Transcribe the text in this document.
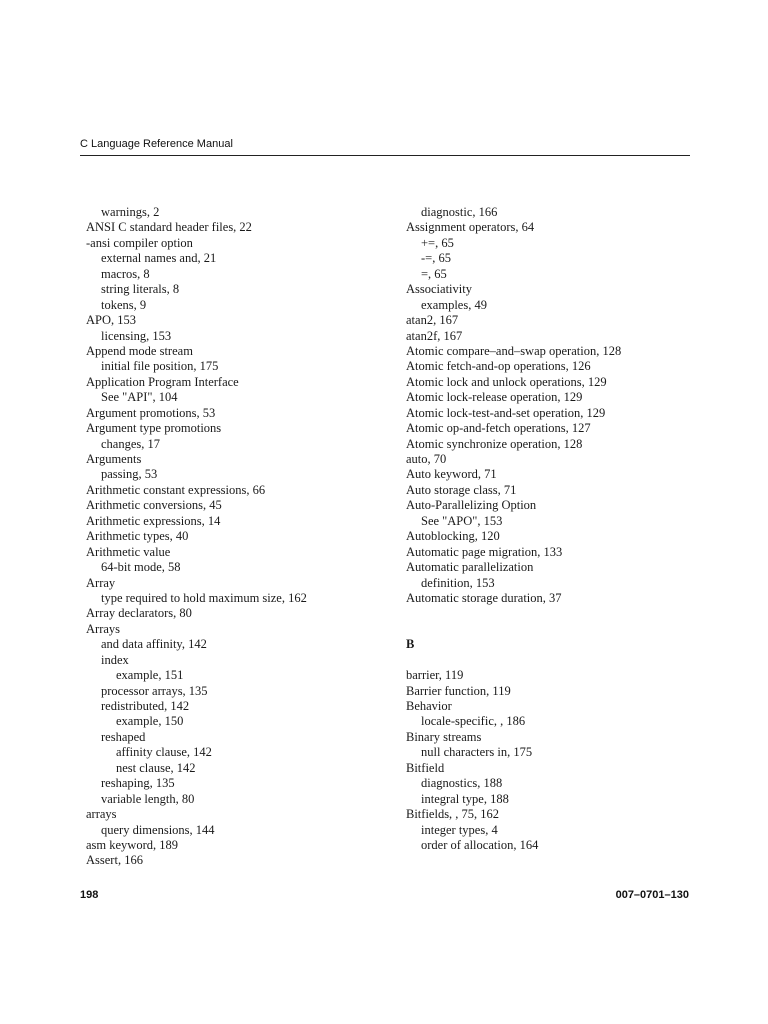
C Language Reference Manual
warnings, 2
ANSI C standard header files, 22
-ansi compiler option
external names and, 21
macros, 8
string literals, 8
tokens, 9
APO, 153
licensing, 153
Append mode stream
initial file position, 175
Application Program Interface
See "API", 104
Argument promotions, 53
Argument type promotions
changes, 17
Arguments
passing, 53
Arithmetic constant expressions, 66
Arithmetic conversions, 45
Arithmetic expressions, 14
Arithmetic types, 40
Arithmetic value
64-bit mode, 58
Array
type required to hold maximum size, 162
Array declarators, 80
Arrays
and data affinity, 142
index
example, 151
processor arrays, 135
redistributed, 142
example, 150
reshaped
affinity clause, 142
nest clause, 142
reshaping, 135
variable length, 80
arrays
query dimensions, 144
asm keyword, 189
Assert, 166
diagnostic, 166
Assignment operators, 64
+=, 65
-=, 65
=, 65
Associativity
examples, 49
atan2, 167
atan2f, 167
Atomic compare–and–swap operation, 128
Atomic fetch-and-op operations, 126
Atomic lock and unlock operations, 129
Atomic lock-release operation, 129
Atomic lock-test-and-set operation, 129
Atomic op-and-fetch operations, 127
Atomic synchronize operation, 128
auto, 70
Auto keyword, 71
Auto storage class, 71
Auto-Parallelizing Option
See "APO", 153
Autoblocking, 120
Automatic page migration, 133
Automatic parallelization
definition, 153
Automatic storage duration, 37
B
barrier, 119
Barrier function, 119
Behavior
locale-specific, , 186
Binary streams
null characters in, 175
Bitfield
diagnostics, 188
integral type, 188
Bitfields, , 75, 162
integer types, 4
order of allocation, 164
198	007–0701–130
